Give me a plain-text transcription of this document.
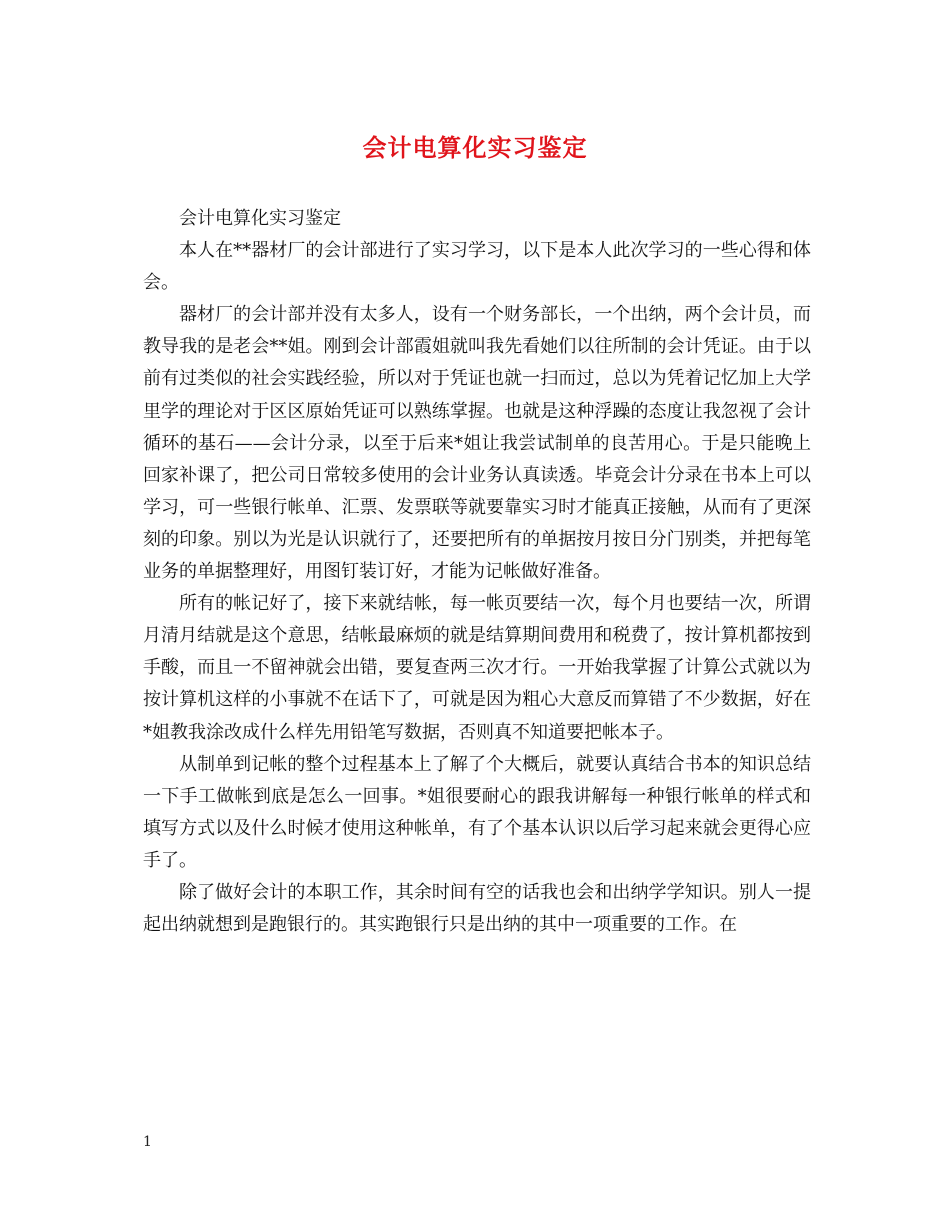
会计电算化实习鉴定

会计电算化实习鉴定

本人在**器材厂的会计部进行了实习学习，以下是本人此次学习的一些心得和体会。

器材厂的会计部并没有太多人，设有一个财务部长，一个出纳，两个会计员，而教导我的是老会**姐。刚到会计部霞姐就叫我先看她们以往所制的会计凭证。由于以前有过类似的社会实践经验，所以对于凭证也就一扫而过，总以为凭着记忆加上大学里学的理论对于区区原始凭证可以熟练掌握。也就是这种浮躁的态度让我忽视了会计循环的基石——会计分录，以至于后来*姐让我尝试制单的良苦用心。于是只能晚上回家补课了，把公司日常较多使用的会计业务认真读透。毕竟会计分录在书本上可以学习，可一些银行帐单、汇票、发票联等就要靠实习时才能真正接触，从而有了更深刻的印象。别以为光是认识就行了，还要把所有的单据按月按日分门别类，并把每笔业务的单据整理好，用图钉装订好，才能为记帐做好准备。

所有的帐记好了，接下来就结帐，每一帐页要结一次，每个月也要结一次，所谓月清月结就是这个意思，结帐最麻烦的就是结算期间费用和税费了，按计算机都按到手酸，而且一不留神就会出错，要复查两三次才行。一开始我掌握了计算公式就以为按计算机这样的小事就不在话下了，可就是因为粗心大意反而算错了不少数据，好在*姐教我涂改成什么样先用铅笔写数据，否则真不知道要把帐本子。

从制单到记帐的整个过程基本上了解了个大概后，就要认真结合书本的知识总结一下手工做帐到底是怎么一回事。*姐很要耐心的跟我讲解每一种银行帐单的样式和填写方式以及什么时候才使用这种帐单，有了个基本认识以后学习起来就会更得心应手了。

除了做好会计的本职工作，其余时间有空的话我也会和出纳学学知识。别人一提起出纳就想到是跑银行的。其实跑银行只是出纳的其中一项重要的工作。在

1
